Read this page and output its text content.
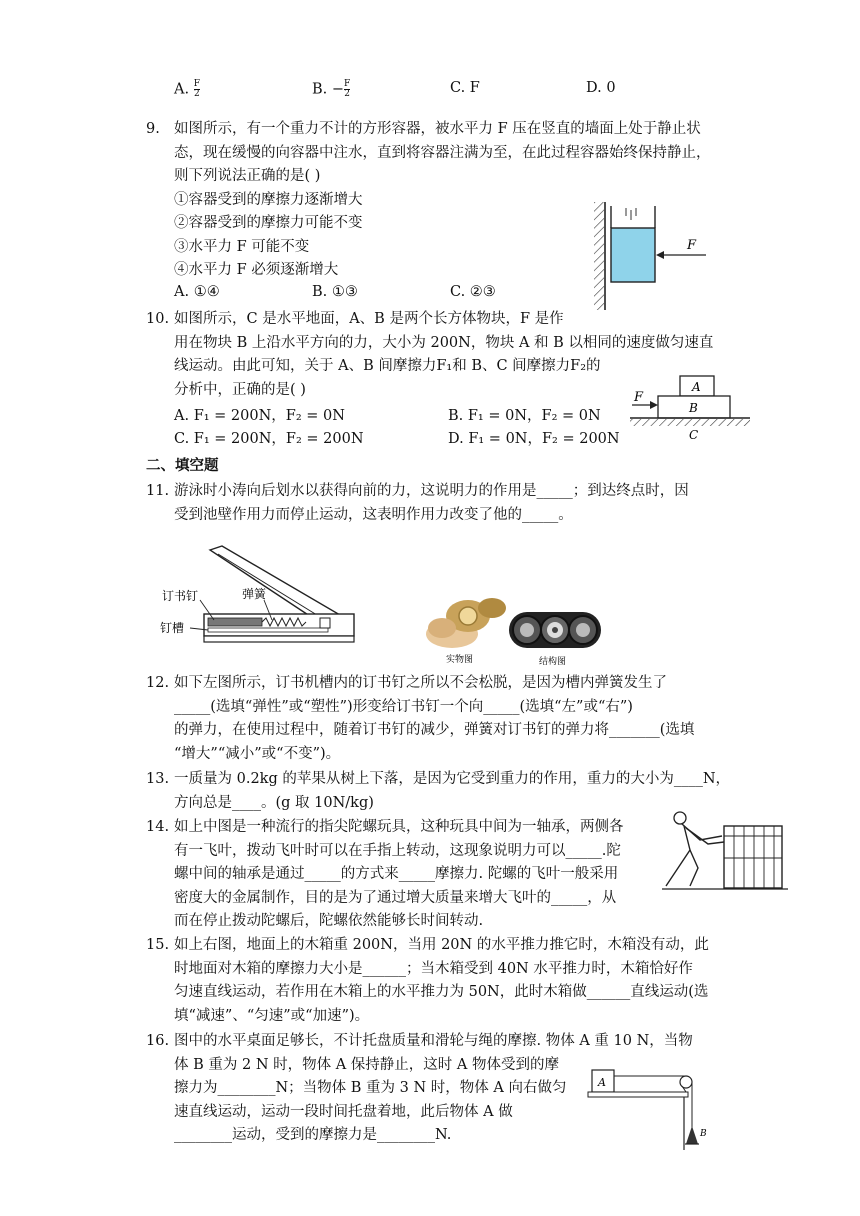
A. $\frac{F}{2}$	B. − $\frac{F}{2}$	C. F	D. 0
9. 如图所示，有一个重力不计的方形容器，被水平力 F 压在竖直的墙面上处于静止状
态，现在缓慢的向容器中注水，直到将容器注满为至，在此过程容器始终保持静止，
则下列说法正确的是( )
①容器受到的摩擦力逐渐增大
②容器受到的摩擦力可能不变
③水平力 F 可能不变
④水平力 F 必须逐渐增大
A. ①④	B. ①③	C. ②③
F
10. 如图所示，C 是水平地面，A、B 是两个长方体物块，F 是作
用在物块 B 上沿水平方向的力，大小为 200N，物块 A 和 B 以相同的速度做匀速直
线运动。由此可知，关于 A、B 间摩擦力F₁和 B、C 间摩擦力F₂的
分析中，正确的是( )
A. F₁ = 200N，F₂ = 0N	B. F₁ = 0N，F₂ = 0N
C. F₁ = 200N，F₂ = 200N	D. F₁ = 0N，F₂ = 200N
F
A
B
C
二、填空题
11. 游泳时小涛向后划水以获得向前的力，这说明力的作用是_____；到达终点时，因
受到池壁作用力而停止运动，这表明作用力改变了他的_____。
订书钉	弹簧
钉槽
实物图	结构图
12. 如下左图所示，订书机槽内的订书钉之所以不会松脱，是因为槽内弹簧发生了
_____(选填“弹性”或“塑性”)形变给订书钉一个向_____(选填“左”或“右”)
的弹力，在使用过程中，随着订书钉的减少，弹簧对订书钉的弹力将_______(选填
“增大”“减小”或“不变”)。
13. 一质量为 0.2kg 的苹果从树上下落，是因为它受到重力的作用，重力的大小为____N，
方向总是____。(g 取 10N/kg)
14. 如上中图是一种流行的指尖陀螺玩具，这种玩具中间为一轴承，两侧各
有一飞叶，拨动飞叶时可以在手指上转动，这现象说明力可以_____.陀
螺中间的轴承是通过_____的方式来_____摩擦力. 陀螺的飞叶一般采用
密度大的金属制作，目的是为了通过增大质量来增大飞叶的_____，从
而在停止拨动陀螺后，陀螺依然能够长时间转动.
15. 如上右图，地面上的木箱重 200N，当用 20N 的水平推力推它时，木箱没有动，此
时地面对木箱的摩擦力大小是______；当木箱受到 40N 水平推力时，木箱恰好作
匀速直线运动，若作用在木箱上的水平推力为 50N，此时木箱做______直线运动(选
填“减速”、“匀速”或“加速”)。
16. 图中的水平桌面足够长，不计托盘质量和滑轮与绳的摩擦. 物体 A 重 10 N，当物
体 B 重为 2 N 时，物体 A 保持静止，这时 A 物体受到的摩
擦力为________N；当物体 B 重为 3 N 时，物体 A 向右做匀
速直线运动，运动一段时间托盘着地，此后物体 A 做
________运动，受到的摩擦力是________N.
A
B
